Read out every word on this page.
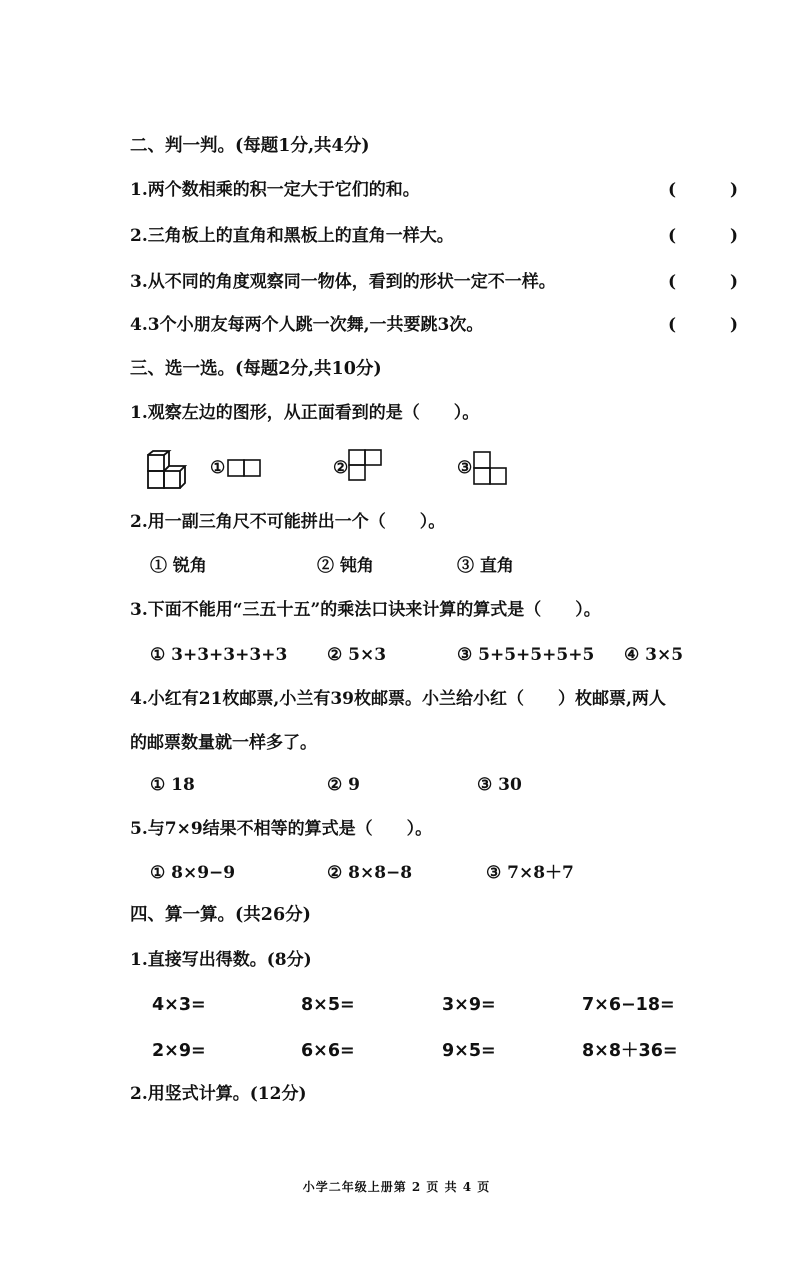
二、判一判。(每题1分,共4分)
1.两个数相乘的积一定大于它们的和。	(	)
2.三角板上的直角和黑板上的直角一样大。	(	)
3.从不同的角度观察同一物体，看到的形状一定不一样。	(	)
4.3个小朋友每两个人跳一次舞,一共要跳3次。	(	)
三、选一选。(每题2分,共10分)
1.观察左边的图形，从正面看到的是（　　）。
①	②	③
2.用一副三角尺不可能拼出一个（　　）。
① 锐角	② 钝角	③ 直角
3.下面不能用“三五十五”的乘法口诀来计算的算式是（　　）。
① 3+3+3+3+3 ② 5×3	③ 5+5+5+5+5 ④ 3×5
4.小红有21枚邮票,小兰有39枚邮票。小兰给小红（　　）枚邮票,两人
的邮票数量就一样多了。
① 18	② 9	③ 30
5.与7×9结果不相等的算式是（　　）。
① 8×9−9	② 8×8−8	③ 7×8＋7
四、算一算。(共26分)
1.直接写出得数。(8分)
4×3=	8×5=	3×9=	7×6−18=
2×9=	6×6=	9×5=	8×8＋36=
2.用竖式计算。(12分)
小学二年级上册第 2 页 共 4 页
